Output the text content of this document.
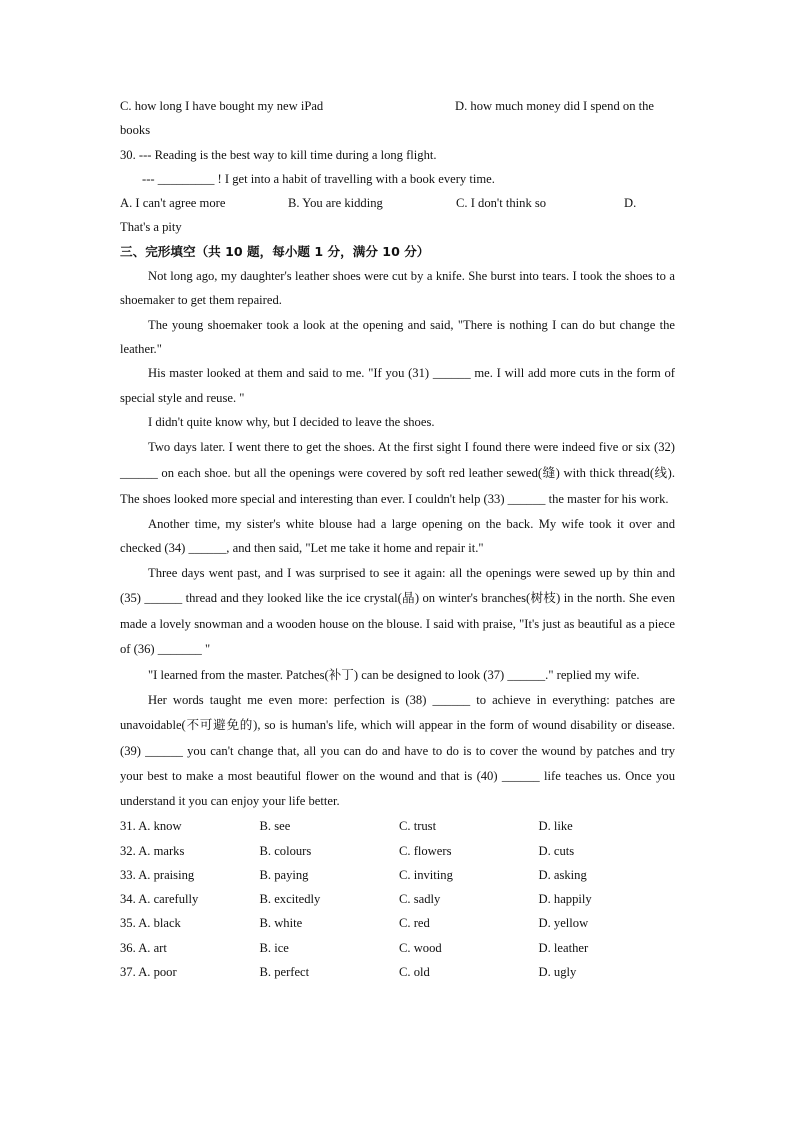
C. how long I have bought my new iPad	D. how much money did I spend on the
books
30. --- Reading is the best way to kill time during a long flight.
--- _________ ! I get into a habit of travelling with a book every time.
A. I can't agree more	B. You are kidding	C. I don't think so	D.
That's a pity
三、完形填空（共 10 题，每小题 1 分，满分 10 分）

Not long ago, my daughter's leather shoes were cut by a knife. She burst into tears. I took the shoes to a shoemaker to get them repaired.

The young shoemaker took a look at the opening and said, "There is nothing I can do but change the leather."

His master looked at them and said to me. "If you (31) ______ me. I will add more cuts in the form of special style and reuse. "

I didn't quite know why, but I decided to leave the shoes.

Two days later. I went there to get the shoes. At the first sight I found there were indeed five or six (32) ______ on each shoe. but all the openings were covered by soft red leather sewed(缝) with thick thread(线). The shoes looked more special and interesting than ever. I couldn't help (33) ______ the master for his work.

Another time, my sister's white blouse had a large opening on the back. My wife took it over and checked (34) ______, and then said, "Let me take it home and repair it."

Three days went past, and I was surprised to see it again: all the openings were sewed up by thin and (35) ______ thread and they looked like the ice crystal(晶) on winter's branches(树枝) in the north. She even made a lovely snowman and a wooden house on the blouse. I said with praise, "It's just as beautiful as a piece of (36) _______ "

"I learned from the master. Patches(补丁) can be designed to look (37) ______." replied my wife.

Her words taught me even more: perfection is (38) ______ to achieve in everything: patches are unavoidable(不可避免的), so is human's life, which will appear in the form of wound disability or disease. (39) ______ you can't change that, all you can do and have to do is to cover the wound by patches and try your best to make a most beautiful flower on the wound and that is (40) ______ life teaches us. Once you understand it you can enjoy your life better.

31. A. know	B. see	C. trust	D. like
32. A. marks	B. colours	C. flowers	D. cuts
33. A. praising	B. paying	C. inviting	D. asking
34. A. carefully	B. excitedly	C. sadly	D. happily
35. A. black	B. white	C. red	D. yellow
36. A. art	B. ice	C. wood	D. leather
37. A. poor	B. perfect	C. old	D. ugly
